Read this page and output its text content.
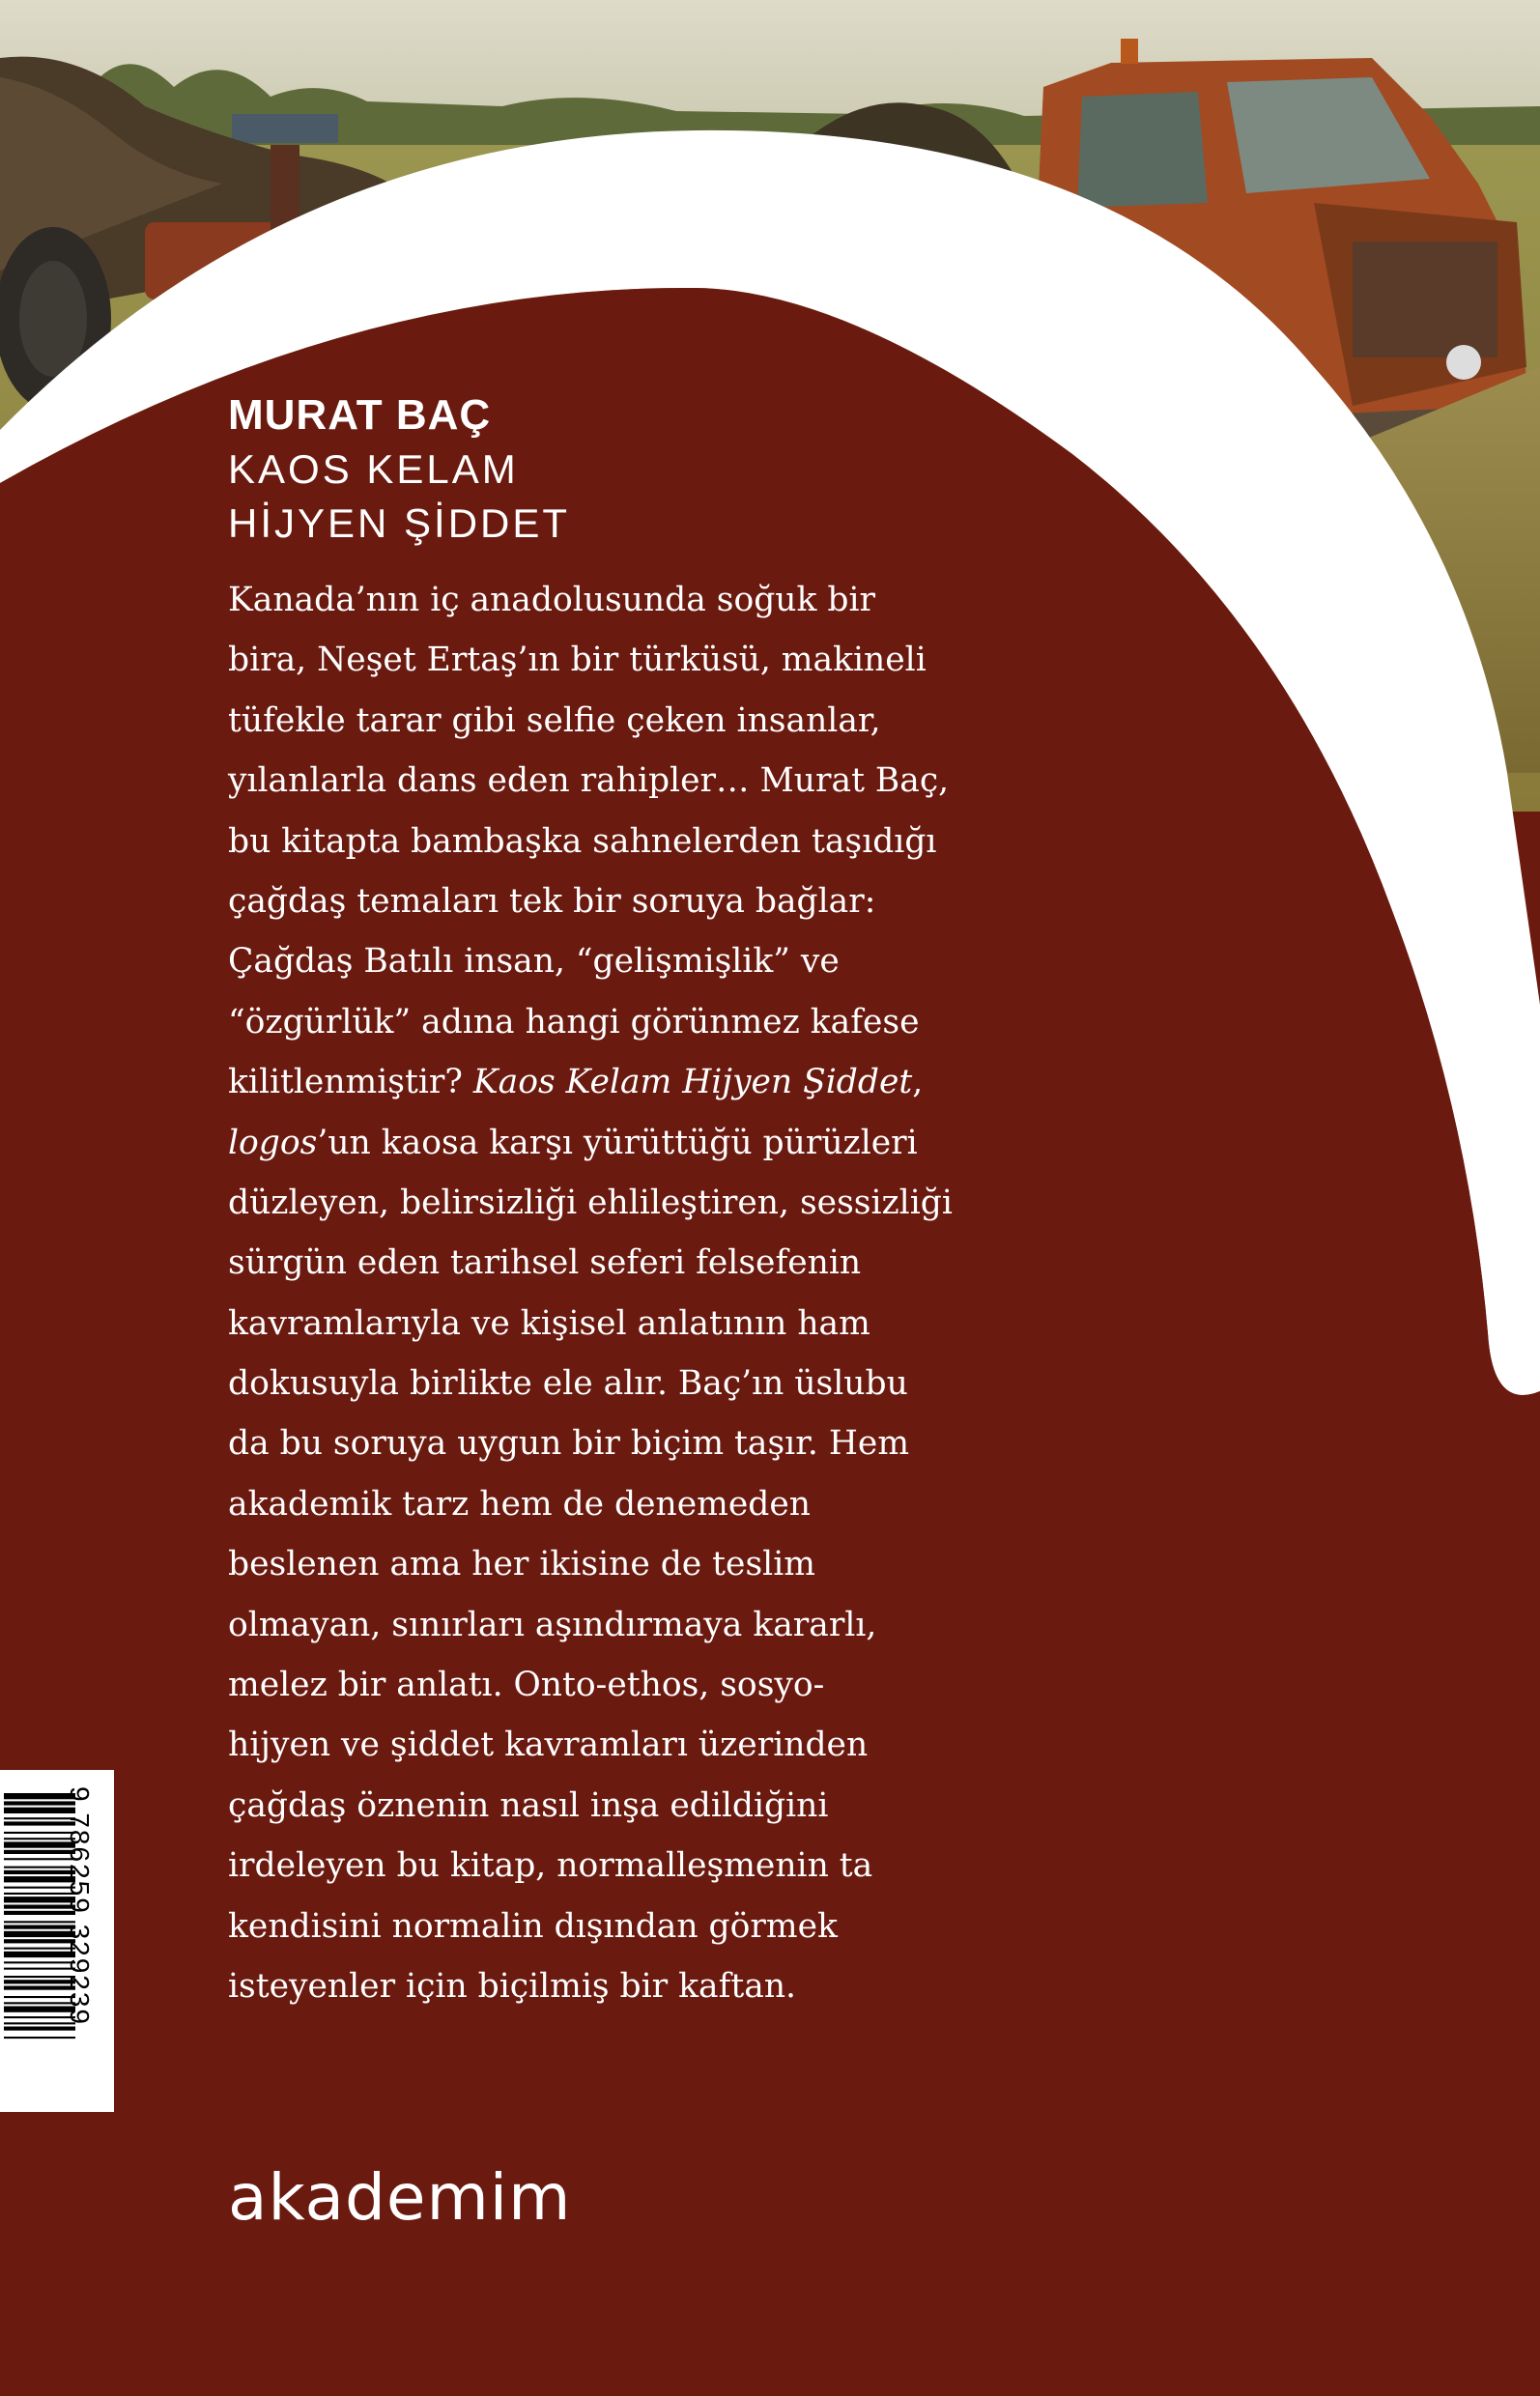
MURAT BAÇ
KAOS KELAM
HİJYEN ŞİDDET
Kanada’nın iç anadolusunda soğuk bir
bira, Neşet Ertaş’ın bir türküsü, makineli
tüfekle tarar gibi selfie çeken insanlar,
yılanlarla dans eden rahipler… Murat Baç,
bu kitapta bambaşka sahnelerden taşıdığı
çağdaş temaları tek bir soruya bağlar:
Çağdaş Batılı insan, “gelişmişlik” ve
“özgürlük” adına hangi görünmez kafese
kilitlenmiştir? Kaos Kelam Hijyen Şiddet,
logos’un kaosa karşı yürüttüğü pürüzleri
düzleyen, belirsizliği ehlileştiren, sessizliği
sürgün eden tarihsel seferi felsefenin
kavramlarıyla ve kişisel anlatının ham
dokusuyla birlikte ele alır. Baç’ın üslubu
da bu soruya uygun bir biçim taşır. Hem
akademik tarz hem de denemeden
beslenen ama her ikisine de teslim
olmayan, sınırları aşındırmaya kararlı,
melez bir anlatı. Onto-ethos, sosyo-
hijyen ve şiddet kavramları üzerinden
çağdaş öznenin nasıl inşa edildiğini
irdeleyen bu kitap, normalleşmenin ta
kendisini normalin dışından görmek
isteyenler için biçilmiş bir kaftan.
9 786259 329239
akademim
